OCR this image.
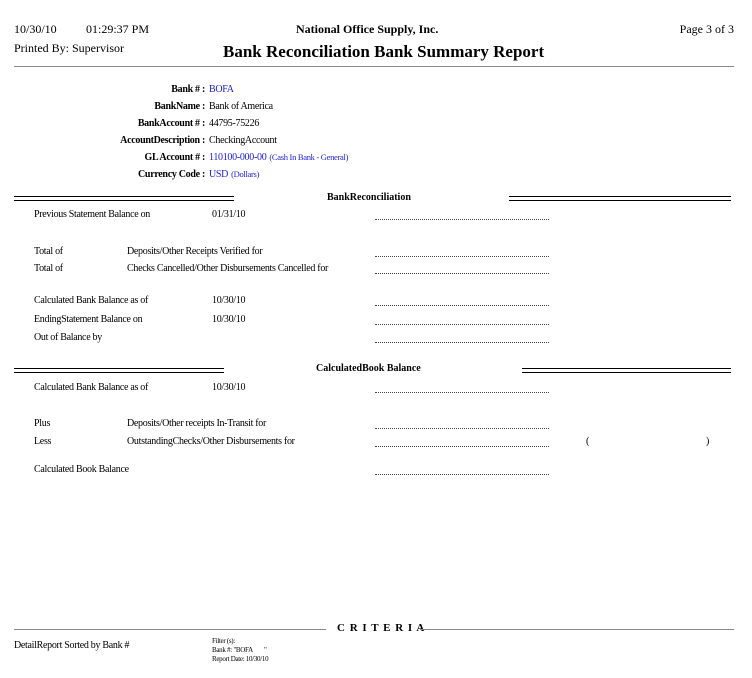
10/30/10 01:29:37 PM	National Office Supply, Inc.	Page 3 of 3
Printed By: Supervisor	Bank Reconciliation Bank Summary Report
Bank # : BOFA
BankName : Bank of America
BankAccount # : 44795-75226
AccountDescription : CheckingAccount
GL Account # : 110100-000-00 (Cash In Bank - General)
Currency Code : USD (Dollars)
BankReconciliation
Previous Statement Balance on	01/31/10
Total of	Deposits/Other Receipts Verified for
Total of	Checks Cancelled/Other Disbursements Cancelled for
Calculated Bank Balance as of	10/30/10
EndingStatement Balance on	10/30/10
Out of Balance by
CalculatedBook Balance
Calculated Bank Balance as of	10/30/10
Plus	Deposits/Other receipts In-Transit for
Less	OutstandingChecks/Other Disbursements for	(	)
Calculated Book Balance
C R I T E R I A
DetailReport Sorted by Bank #	Filter (s):
Bank #: "BOFA        "
Report Date: 10/30/10
